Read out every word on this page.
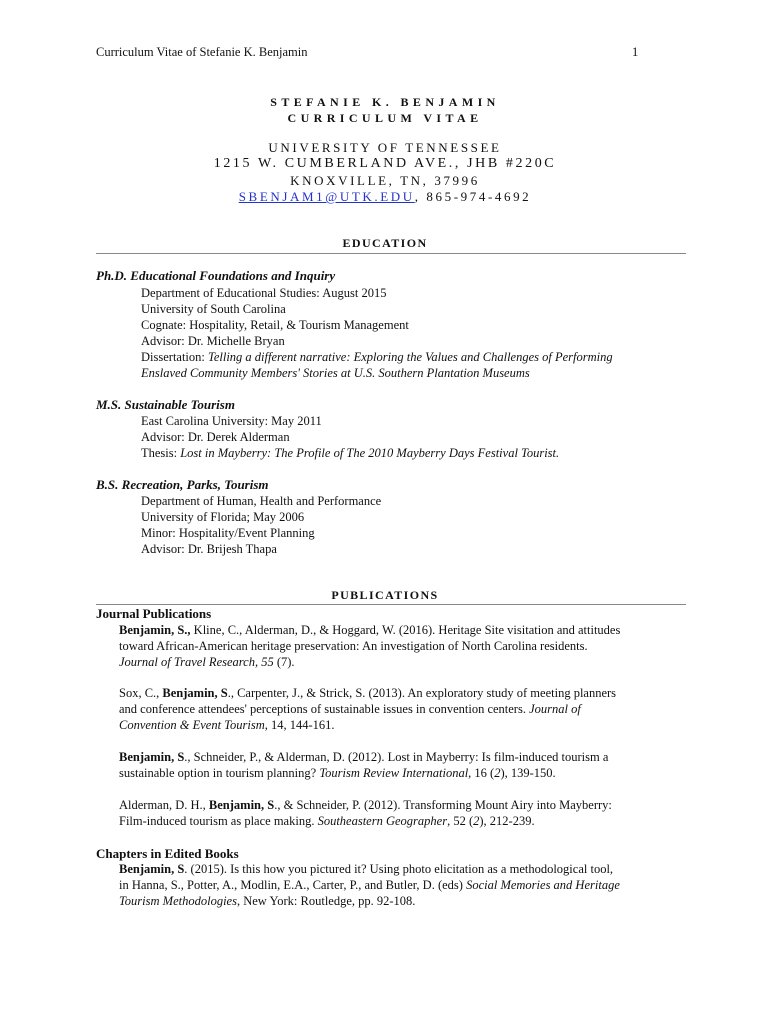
Curriculum Vitae of Stefanie K. Benjamin	1
STEFANIE K. BENJAMIN
CURRICULUM VITAE
UNIVERSITY OF TENNESSEE
1215 W. CUMBERLAND AVE., JHB #220C
KNOXVILLE, TN, 37996
SBENJAM1@UTK.EDU, 865-974-4692
EDUCATION
Ph.D. Educational Foundations and Inquiry
Department of Educational Studies: August 2015
University of South Carolina
Cognate: Hospitality, Retail, & Tourism Management
Advisor: Dr. Michelle Bryan
Dissertation: Telling a different narrative: Exploring the Values and Challenges of Performing
Enslaved Community Members' Stories at U.S. Southern Plantation Museums
M.S. Sustainable Tourism
East Carolina University: May 2011
Advisor: Dr. Derek Alderman
Thesis: Lost in Mayberry: The Profile of The 2010 Mayberry Days Festival Tourist.
B.S. Recreation, Parks, Tourism
Department of Human, Health and Performance
University of Florida; May 2006
Minor: Hospitality/Event Planning
Advisor: Dr. Brijesh Thapa
PUBLICATIONS
Journal Publications
Benjamin, S., Kline, C., Alderman, D., & Hoggard, W. (2016). Heritage Site visitation and attitudes
toward African-American heritage preservation: An investigation of North Carolina residents.
Journal of Travel Research, 55 (7).
Sox, C., Benjamin, S., Carpenter, J., & Strick, S. (2013). An exploratory study of meeting planners
and conference attendees' perceptions of sustainable issues in convention centers. Journal of
Convention & Event Tourism, 14, 144-161.
Benjamin, S., Schneider, P., & Alderman, D. (2012). Lost in Mayberry: Is film-induced tourism a
sustainable option in tourism planning? Tourism Review International, 16 (2), 139-150.
Alderman, D. H., Benjamin, S., & Schneider, P. (2012). Transforming Mount Airy into Mayberry:
Film-induced tourism as place making. Southeastern Geographer, 52 (2), 212-239.
Chapters in Edited Books
Benjamin, S. (2015). Is this how you pictured it? Using photo elicitation as a methodological tool,
in Hanna, S., Potter, A., Modlin, E.A., Carter, P., and Butler, D. (eds) Social Memories and Heritage
Tourism Methodologies, New York: Routledge, pp. 92-108.
